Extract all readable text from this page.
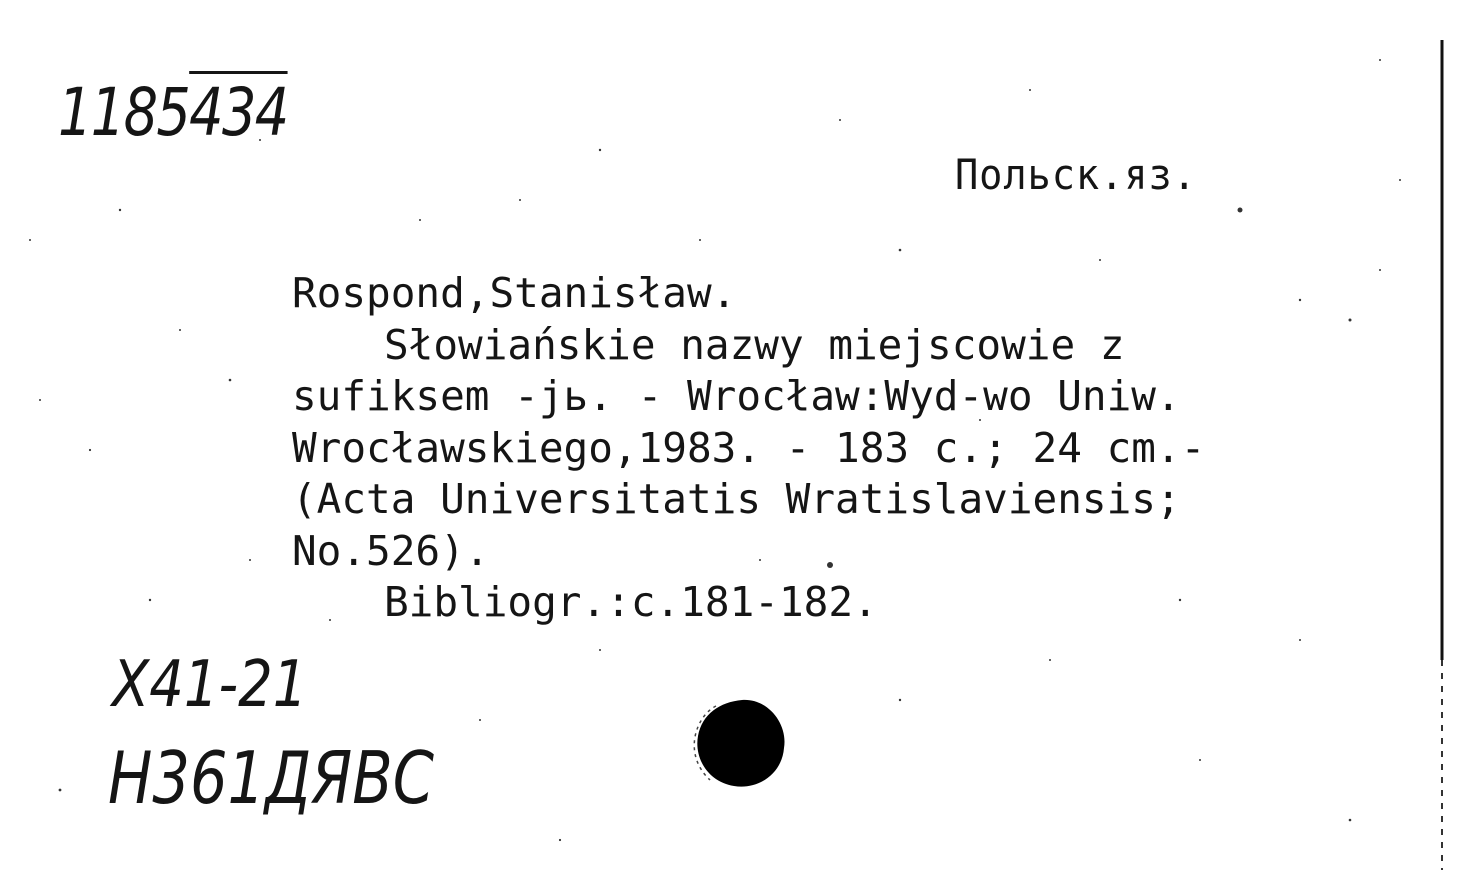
1185434
Польск.яз.
Rospond,Stanisław.
Słowiańskie nazwy miejscowie z
sufiksem -jь. - Wrocław:Wyd-wo Uniw.
Wrocławskiego,1983. - 183 c.; 24 cm.-
(Acta Universitatis Wratislaviensis;
No.526).
Bibliogr.:c.181-182.
X41-21
H361ДЯВС
